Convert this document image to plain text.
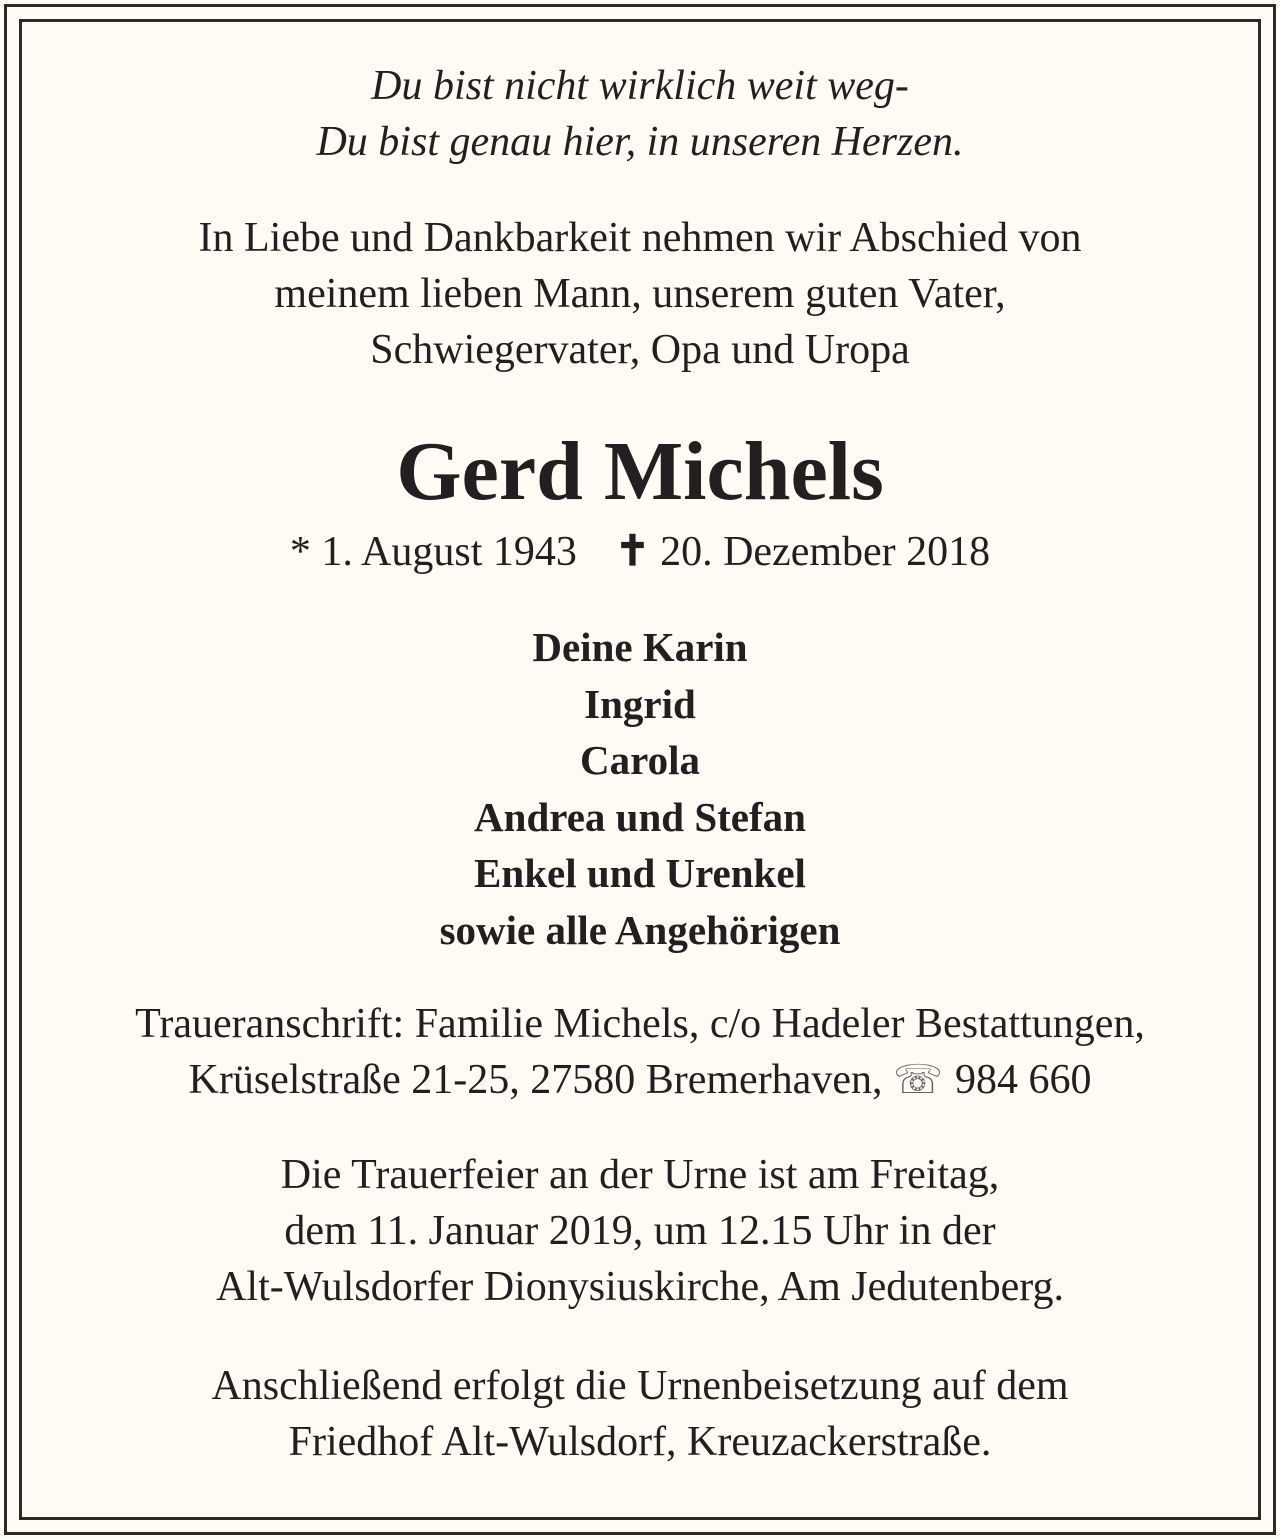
Du bist nicht wirklich weit weg-
Du bist genau hier, in unseren Herzen.
In Liebe und Dankbarkeit nehmen wir Abschied von
meinem lieben Mann, unserem guten Vater,
Schwiegervater, Opa und Uropa
Gerd Michels
* 1. August 1943 ✝ 20. Dezember 2018
Deine Karin
Ingrid
Carola
Andrea und Stefan
Enkel und Urenkel
sowie alle Angehörigen
Traueranschrift: Familie Michels, c/o Hadeler Bestattungen,
Krüselstraße 21-25, 27580 Bremerhaven, ☏ 984 660
Die Trauerfeier an der Urne ist am Freitag,
dem 11. Januar 2019, um 12.15 Uhr in der
Alt-Wulsdorfer Dionysiuskirche, Am Jedutenberg.
Anschließend erfolgt die Urnenbeisetzung auf dem
Friedhof Alt-Wulsdorf, Kreuzackerstraße.
